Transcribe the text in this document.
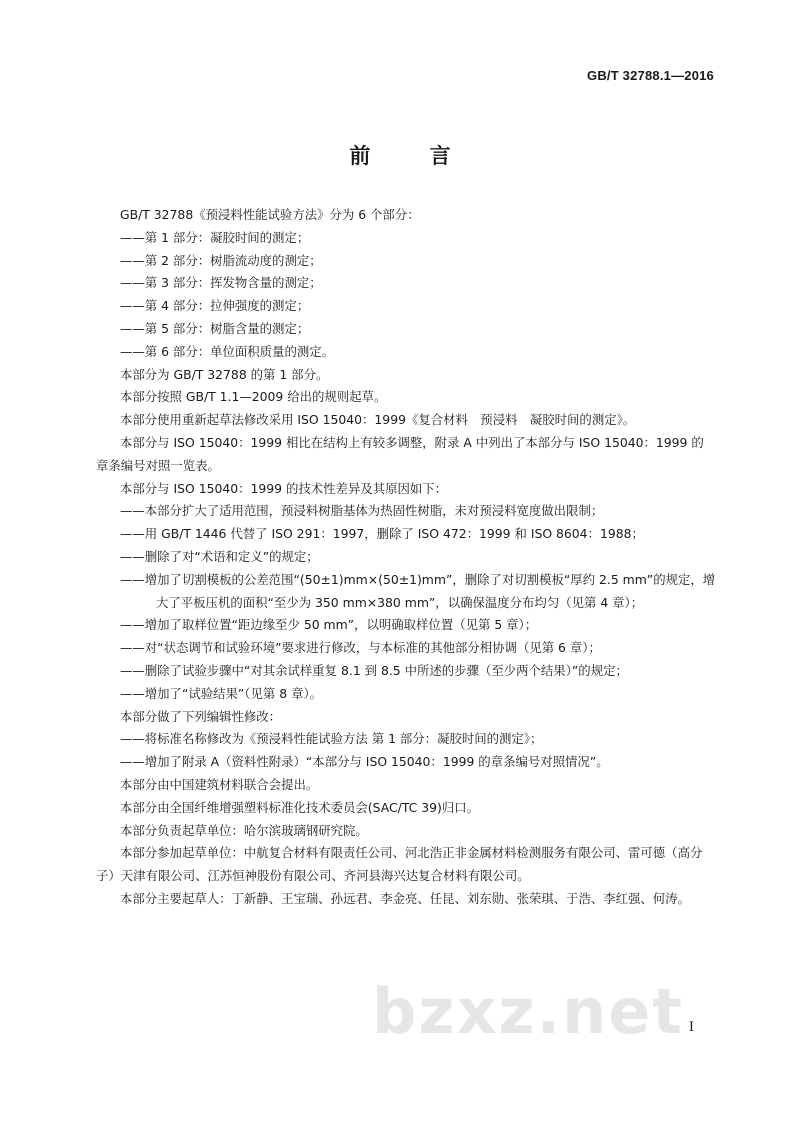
GB/T 32788.1—2016
前 言

GB/T 32788《预浸料性能试验方法》分为 6 个部分：

——第 1 部分：凝胶时间的测定；

——第 2 部分：树脂流动度的测定；

——第 3 部分：挥发物含量的测定；

——第 4 部分：拉伸强度的测定；

——第 5 部分：树脂含量的测定；

——第 6 部分：单位面积质量的测定。

本部分为 GB/T 32788 的第 1 部分。

本部分按照 GB/T 1.1—2009 给出的规则起草。

本部分使用重新起草法修改采用 ISO 15040：1999《复合材料　预浸料　凝胶时间的测定》。

本部分与 ISO 15040：1999 相比在结构上有较多调整，附录 A 中列出了本部分与 ISO 15040：1999 的章条编号对照一览表。

本部分与 ISO 15040：1999 的技术性差异及其原因如下：

——本部分扩大了适用范围，预浸料树脂基体为热固性树脂，未对预浸料宽度做出限制；

——用 GB/T 1446 代替了 ISO 291：1997，删除了 ISO 472：1999 和 ISO 8604：1988；

——删除了对“术语和定义”的规定；

——增加了切割模板的公差范围“(50±1)mm×(50±1)mm”，删除了对切割模板“厚约 2.5 mm”的规定，增大了平板压机的面积“至少为 350 mm×380 mm”，以确保温度分布均匀（见第 4 章）；

——增加了取样位置“距边缘至少 50 mm”，以明确取样位置（见第 5 章）；

——对“状态调节和试验环境”要求进行修改，与本标准的其他部分相协调（见第 6 章）；

——删除了试验步骤中“对其余试样重复 8.1 到 8.5 中所述的步骤（至少两个结果）”的规定；

——增加了“试验结果”（见第 8 章）。

本部分做了下列编辑性修改：

——将标准名称修改为《预浸料性能试验方法 第 1 部分：凝胶时间的测定》；

——增加了附录 A（资料性附录）“本部分与 ISO 15040：1999 的章条编号对照情况”。

本部分由中国建筑材料联合会提出。

本部分由全国纤维增强塑料标准化技术委员会(SAC/TC 39)归口。

本部分负责起草单位：哈尔滨玻璃钢研究院。

本部分参加起草单位：中航复合材料有限责任公司、河北浩正非金属材料检测服务有限公司、雷可德（高分子）天津有限公司、江苏恒神股份有限公司、齐河县海兴达复合材料有限公司。

本部分主要起草人：丁新静、王宝瑞、孙远君、李金亮、任昆、刘东勋、张荣琪、于浩、李红强、何涛。

bzxz.net I
